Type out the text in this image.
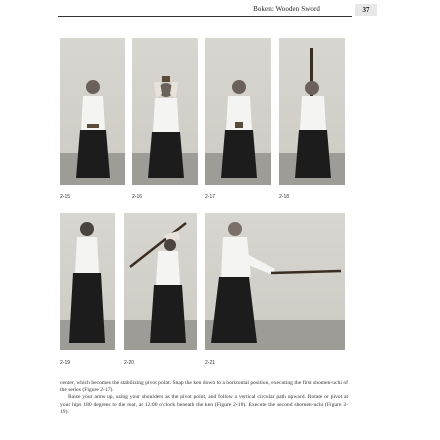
Boken: Wooden Sword	37
2-15	2-16	2-17	2-18
2-19	2-20	2-21

center, which becomes the stabilizing pivot point. Snap the ken down to a horizontal position, executing the first shomen-uchi of the series (Figure 2-17).

Raise your arms up, using your shoulders as the pivot point, and follow a vertical circular path upward. Rotate or pivot at your hips 180 degrees to the rear, at 12:00 o'clock beneath the ken (Figure 2-18). Execute the second shomen-uchi (Figure 2-19).
